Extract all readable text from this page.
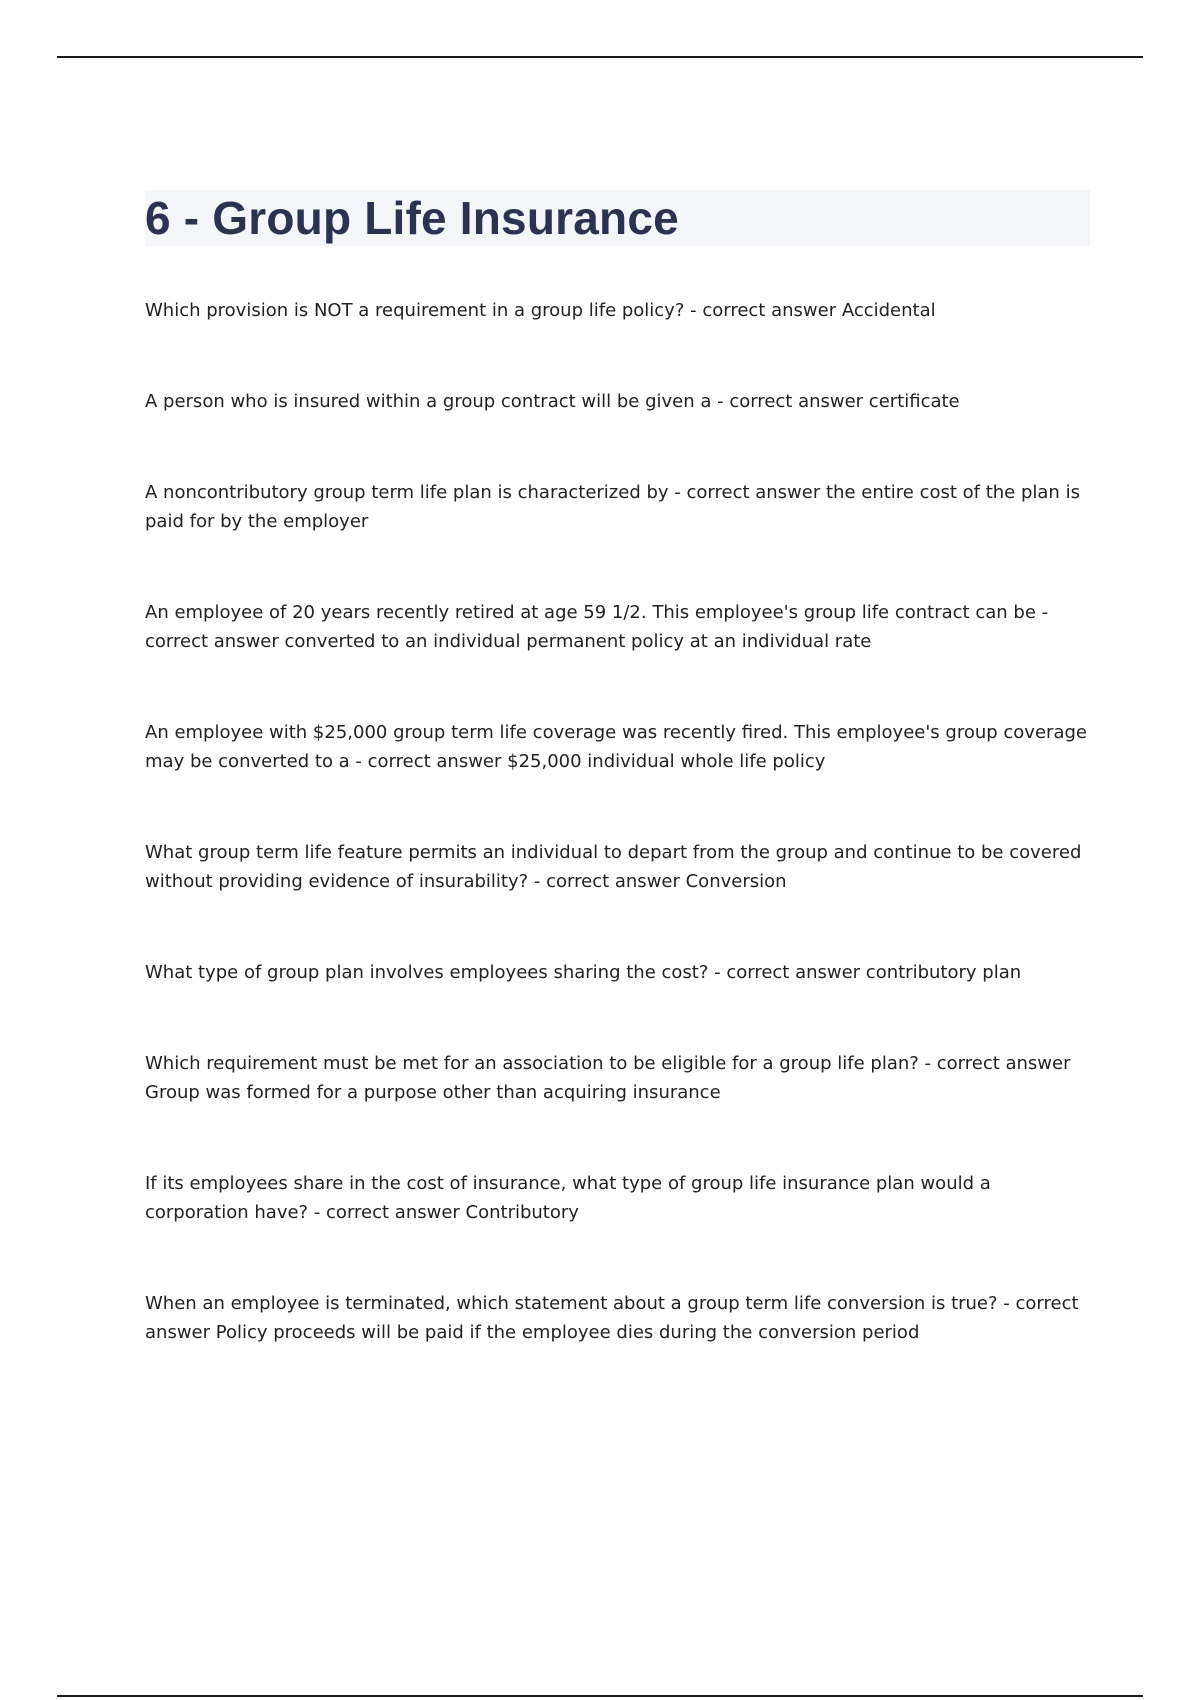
6 - Group Life Insurance

Which provision is NOT a requirement in a group life policy? - correct answer Accidental

A person who is insured within a group contract will be given a - correct answer certificate

A noncontributory group term life plan is characterized by - correct answer the entire cost of the plan is paid for by the employer

An employee of 20 years recently retired at age 59 1/2. This employee's group life contract can be - correct answer converted to an individual permanent policy at an individual rate

An employee with $25,000 group term life coverage was recently fired. This employee's group coverage may be converted to a - correct answer $25,000 individual whole life policy

What group term life feature permits an individual to depart from the group and continue to be covered without providing evidence of insurability? - correct answer Conversion

What type of group plan involves employees sharing the cost? - correct answer contributory plan

Which requirement must be met for an association to be eligible for a group life plan? - correct answer Group was formed for a purpose other than acquiring insurance

If its employees share in the cost of insurance, what type of group life insurance plan would a corporation have? - correct answer Contributory

When an employee is terminated, which statement about a group term life conversion is true? - correct answer Policy proceeds will be paid if the employee dies during the conversion period
